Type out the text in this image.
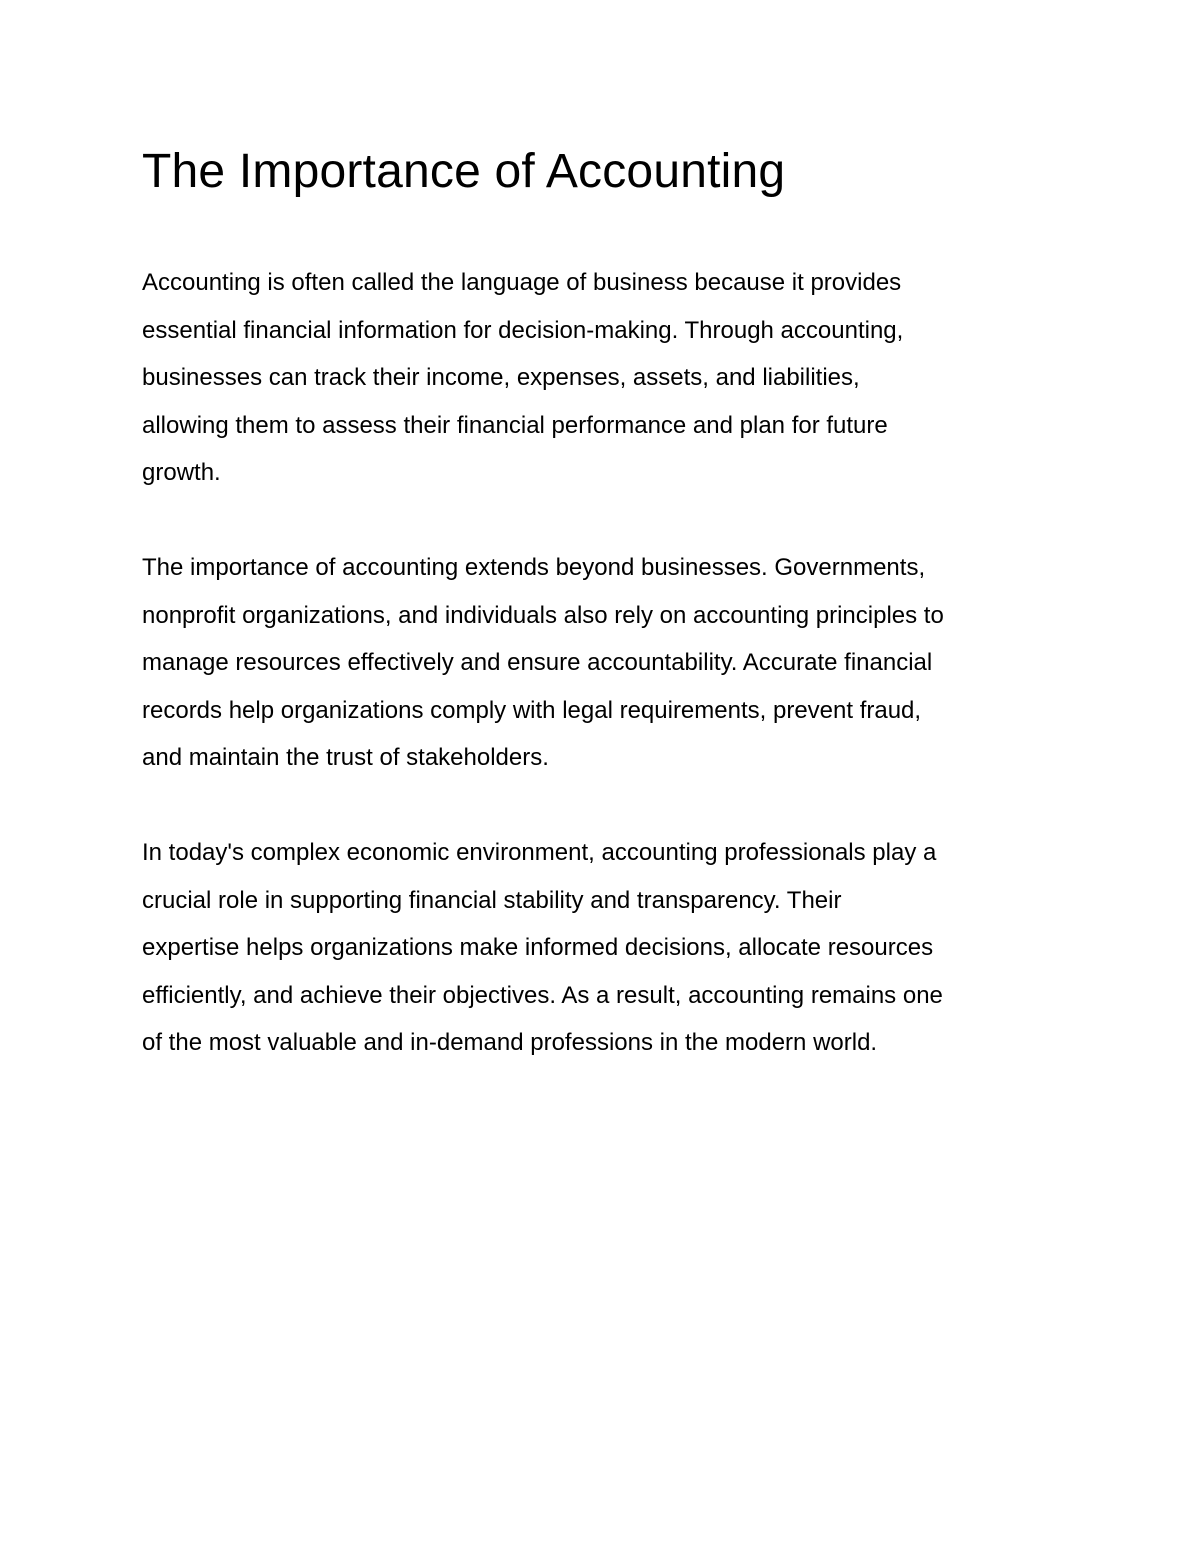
The Importance of Accounting

Accounting is often called the language of business because it provides
essential financial information for decision-making. Through accounting,
businesses can track their income, expenses, assets, and liabilities,
allowing them to assess their financial performance and plan for future
growth.

The importance of accounting extends beyond businesses. Governments,
nonprofit organizations, and individuals also rely on accounting principles to
manage resources effectively and ensure accountability. Accurate financial
records help organizations comply with legal requirements, prevent fraud,
and maintain the trust of stakeholders.

In today's complex economic environment, accounting professionals play a
crucial role in supporting financial stability and transparency. Their
expertise helps organizations make informed decisions, allocate resources
efficiently, and achieve their objectives. As a result, accounting remains one
of the most valuable and in-demand professions in the modern world.
